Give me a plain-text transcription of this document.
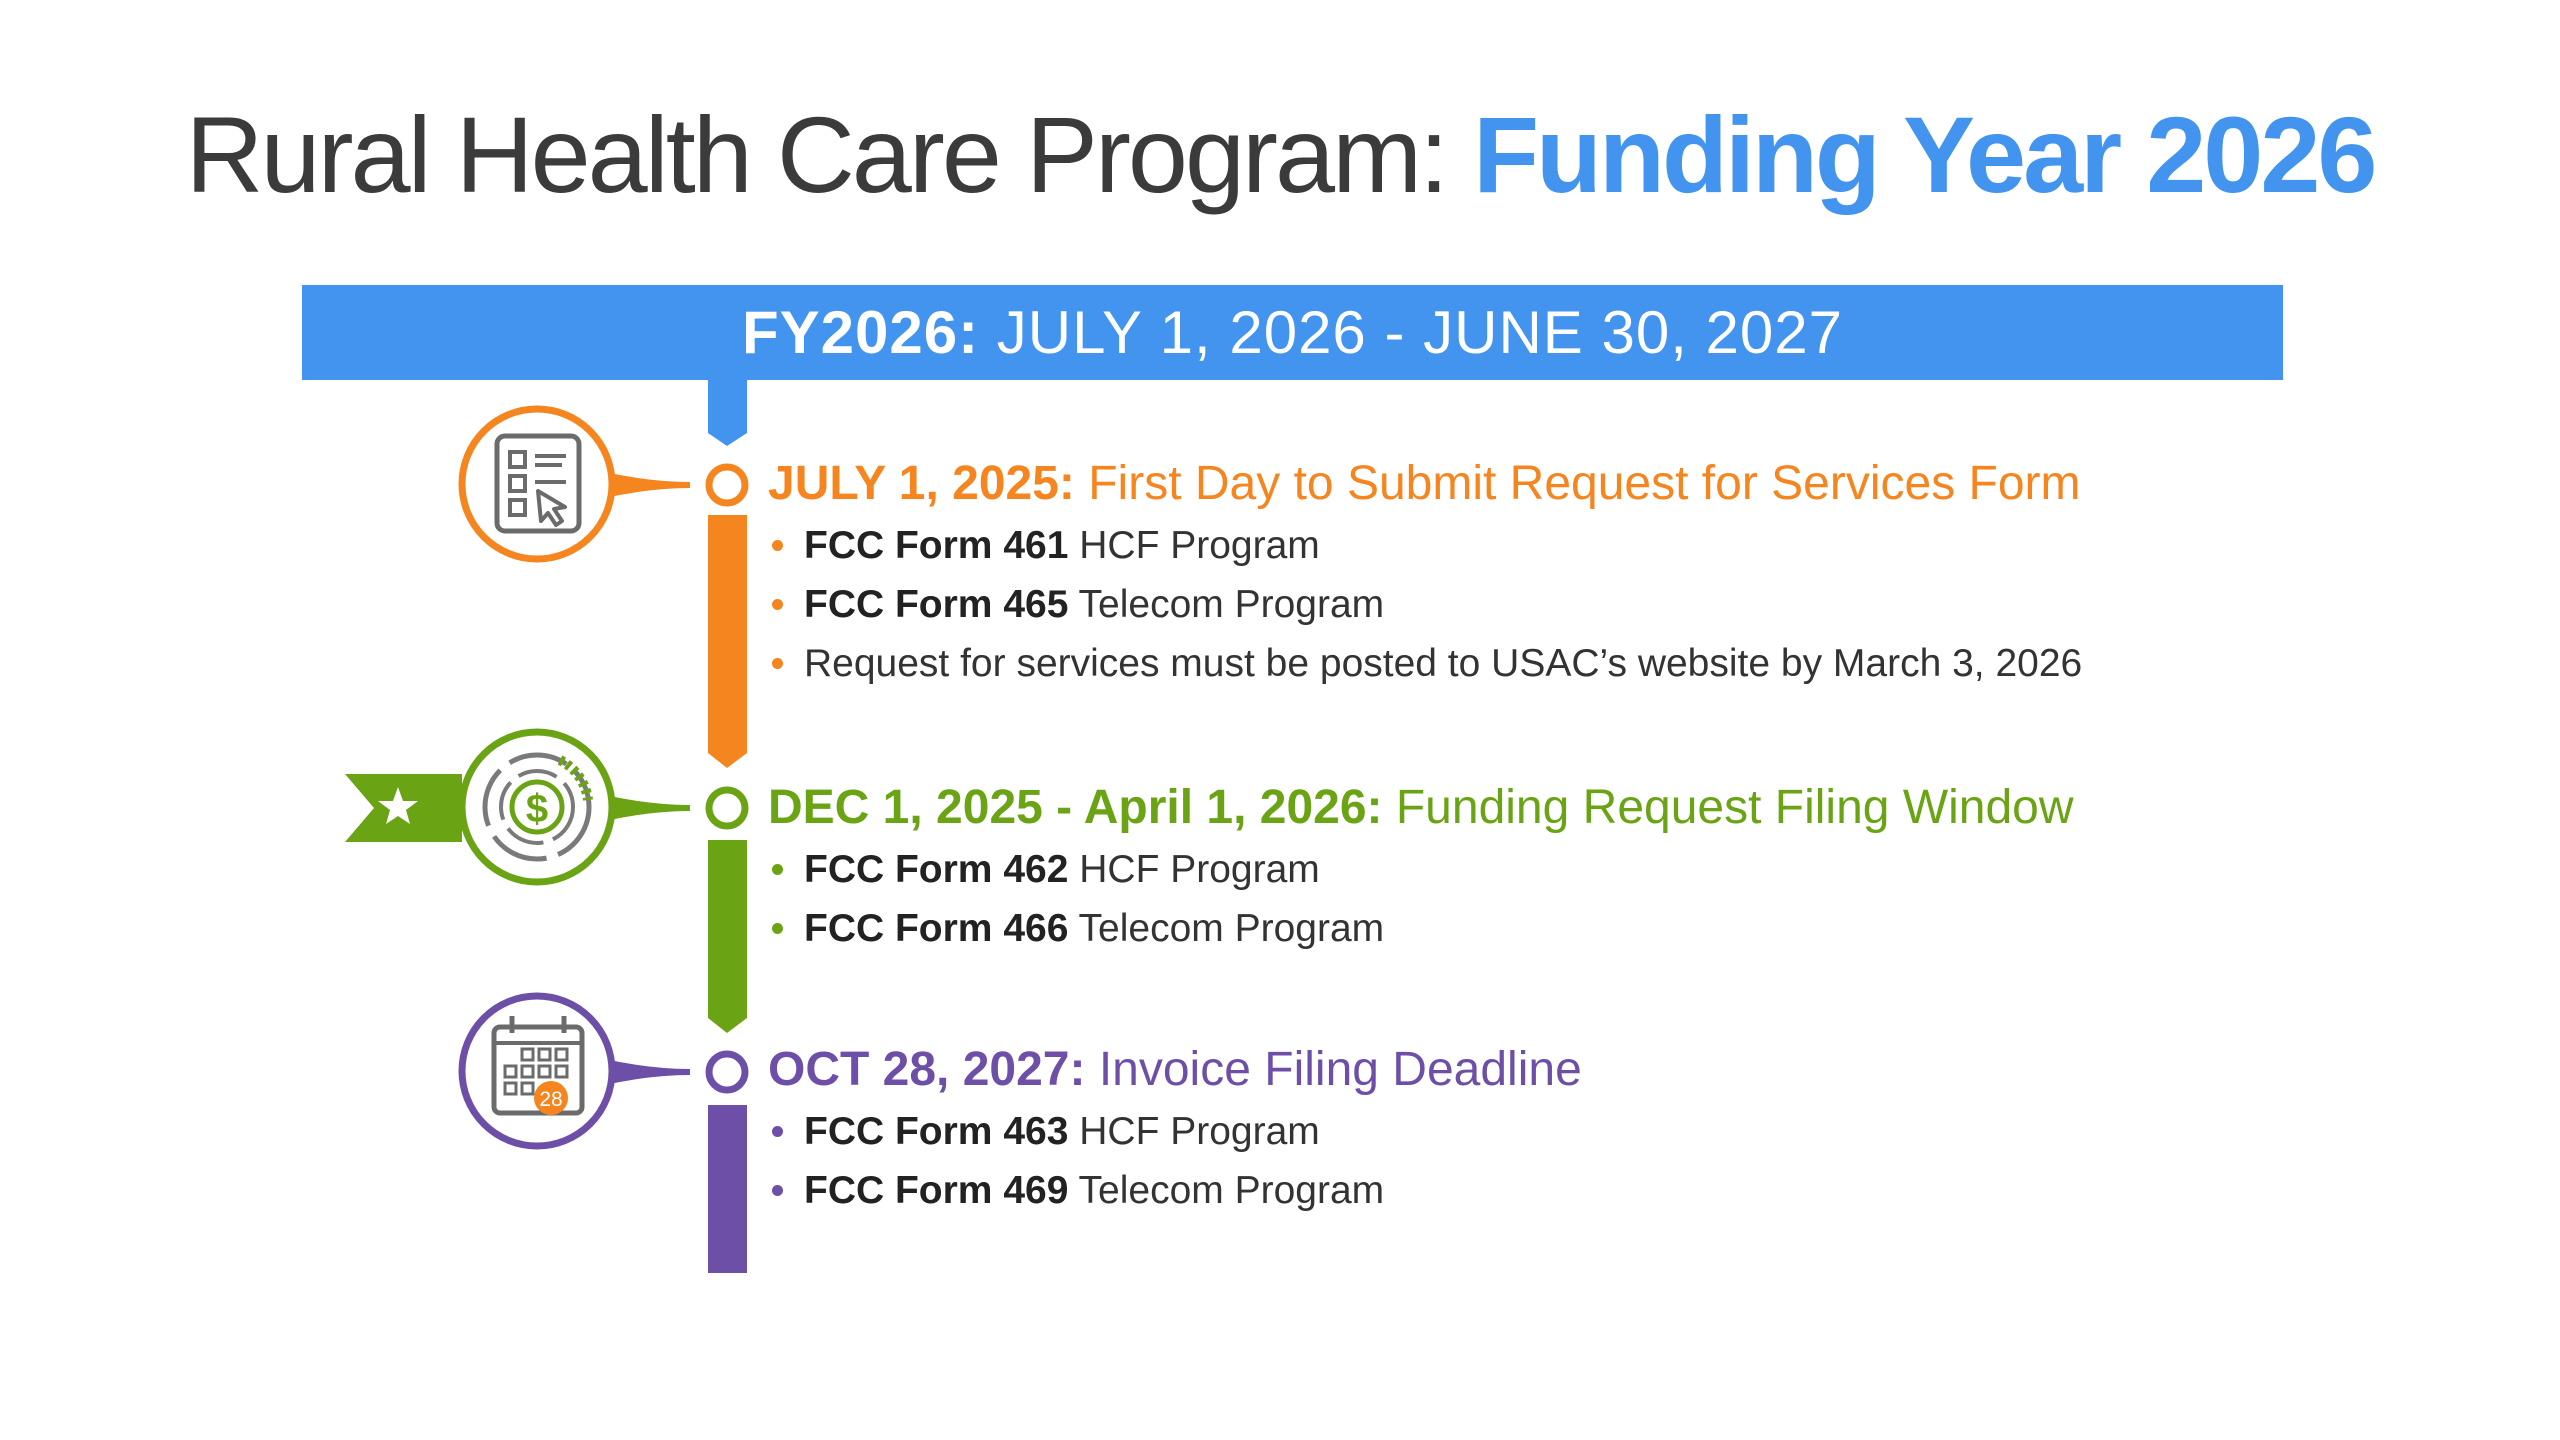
Rural Health Care Program: Funding Year 2026
FY2026: JULY 1, 2026 - JUNE 30, 2027
$
28
JULY 1, 2025: First Day to Submit Request for Services Form
FCC Form 461 HCF Program
FCC Form 465 Telecom Program
Request for services must be posted to USAC’s website by March 3, 2026
DEC 1, 2025 - April 1, 2026: Funding Request Filing Window
FCC Form 462 HCF Program
FCC Form 466 Telecom Program
OCT 28, 2027: Invoice Filing Deadline
FCC Form 463 HCF Program
FCC Form 469 Telecom Program
